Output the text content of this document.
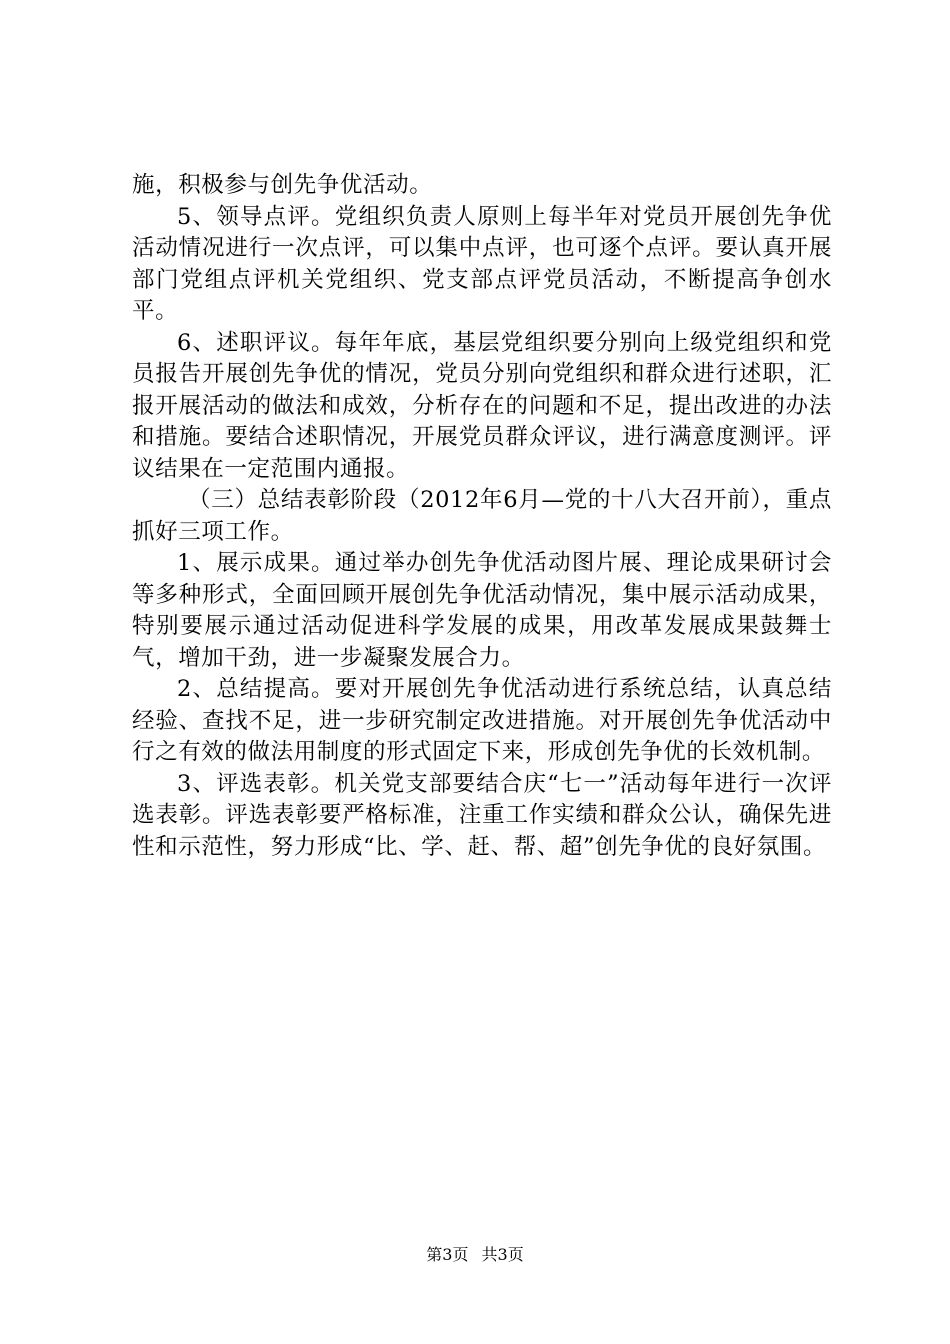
施，积极参与创先争优活动。

5、领导点评。党组织负责人原则上每半年对党员开展创先争优活动情况进行一次点评，可以集中点评，也可逐个点评。要认真开展部门党组点评机关党组织、党支部点评党员活动，不断提高争创水平。

6、述职评议。每年年底，基层党组织要分别向上级党组织和党员报告开展创先争优的情况，党员分别向党组织和群众进行述职，汇报开展活动的做法和成效，分析存在的问题和不足，提出改进的办法和措施。要结合述职情况，开展党员群众评议，进行满意度测评。评议结果在一定范围内通报。

（三）总结表彰阶段（2012年6月—党的十八大召开前），重点抓好三项工作。

1、展示成果。通过举办创先争优活动图片展、理论成果研讨会等多种形式，全面回顾开展创先争优活动情况，集中展示活动成果，特别要展示通过活动促进科学发展的成果，用改革发展成果鼓舞士气，增加干劲，进一步凝聚发展合力。

2、总结提高。要对开展创先争优活动进行系统总结，认真总结经验、查找不足，进一步研究制定改进措施。对开展创先争优活动中行之有效的做法用制度的形式固定下来，形成创先争优的长效机制。

3、评选表彰。机关党支部要结合庆“七一”活动每年进行一次评选表彰。评选表彰要严格标准，注重工作实绩和群众公认，确保先进性和示范性，努力形成“比、学、赶、帮、超”创先争优的良好氛围。

第3页 共3页
